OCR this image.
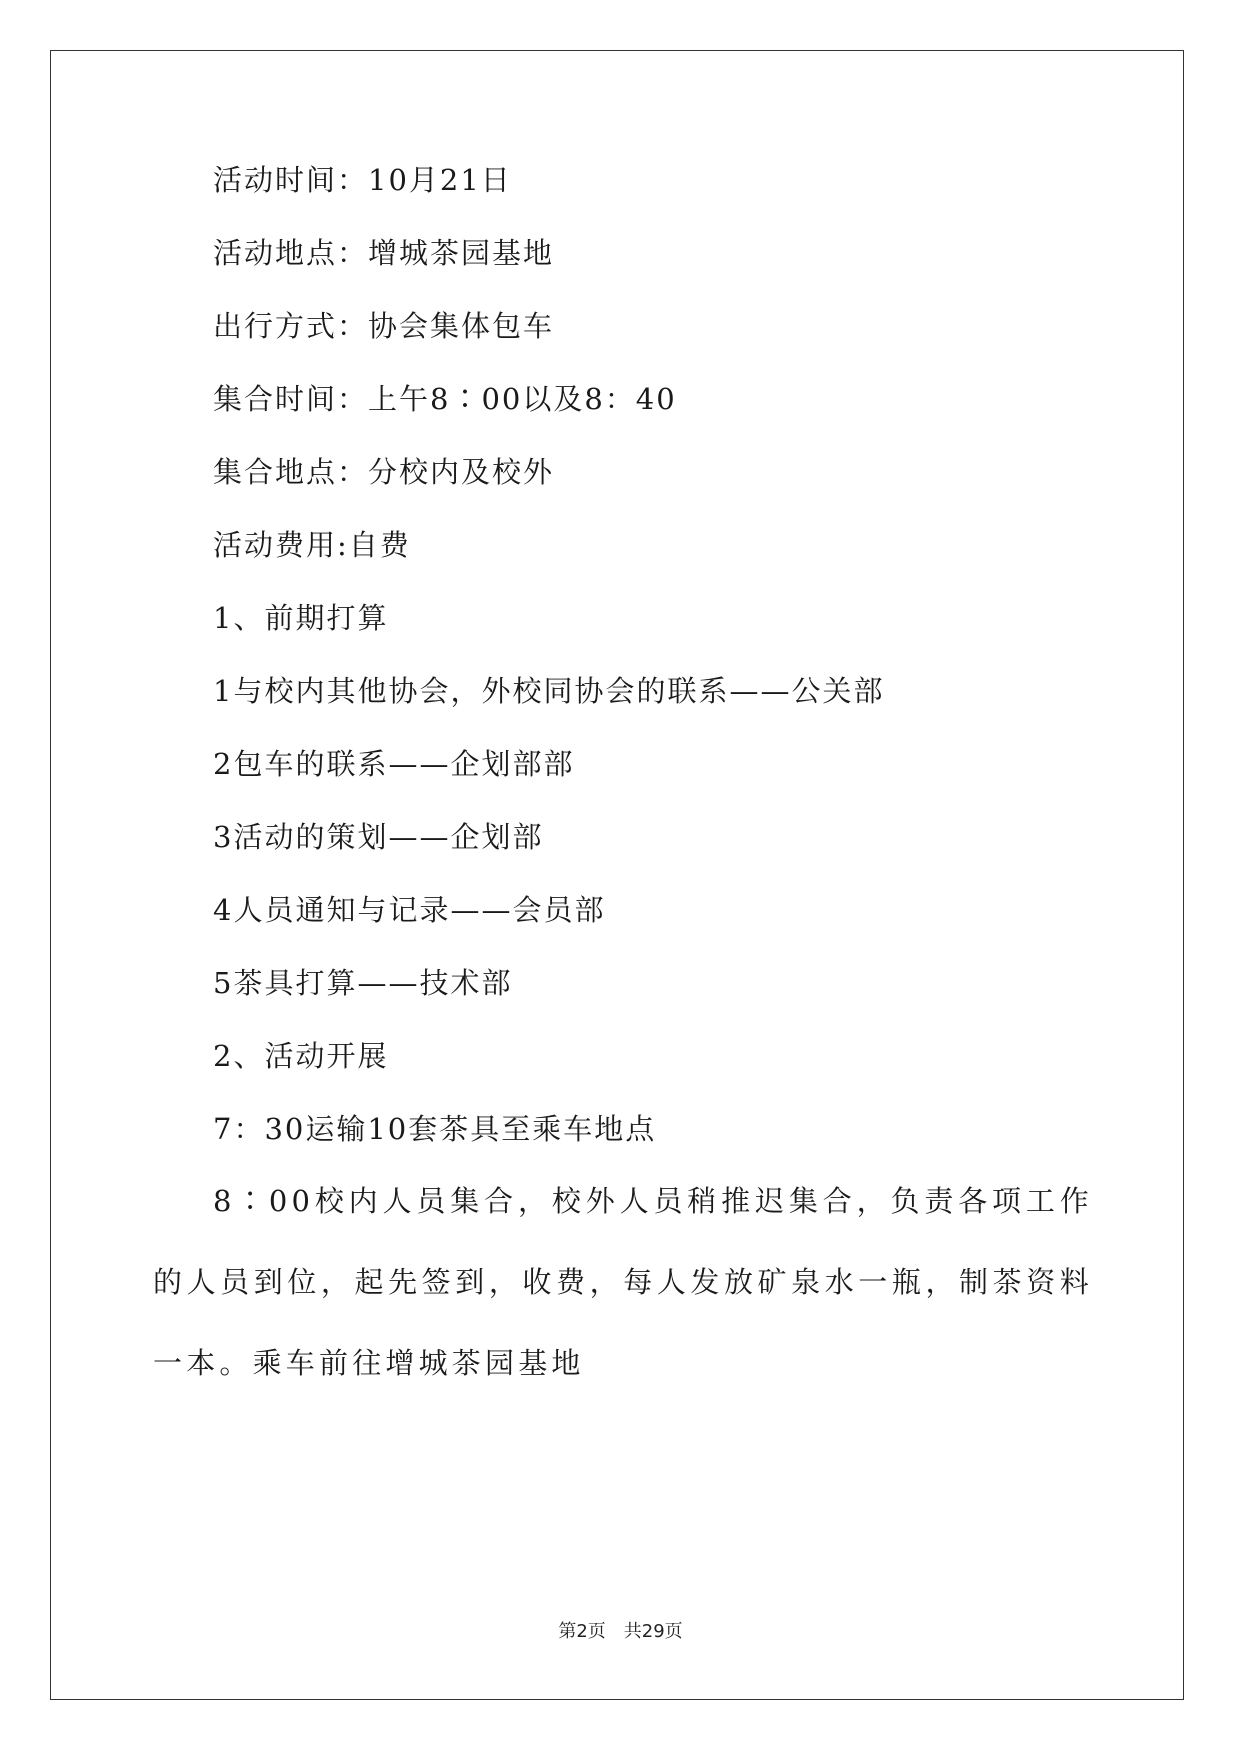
活动时间：10月21日
活动地点：增城茶园基地
出行方式：协会集体包车
集合时间：上午8∶00以及8：40
集合地点：分校内及校外
活动费用:自费
1、前期打算
1与校内其他协会，外校同协会的联系——公关部
2包车的联系——企划部部
3活动的策划——企划部
4人员通知与记录——会员部
5茶具打算——技术部
2、活动开展
7：30运输10套茶具至乘车地点
8∶00校内人员集合，校外人员稍推迟集合，负责各项工作的人员到位，起先签到，收费，每人发放矿泉水一瓶，制茶资料一本。乘车前往增城茶园基地
第2页　共29页
